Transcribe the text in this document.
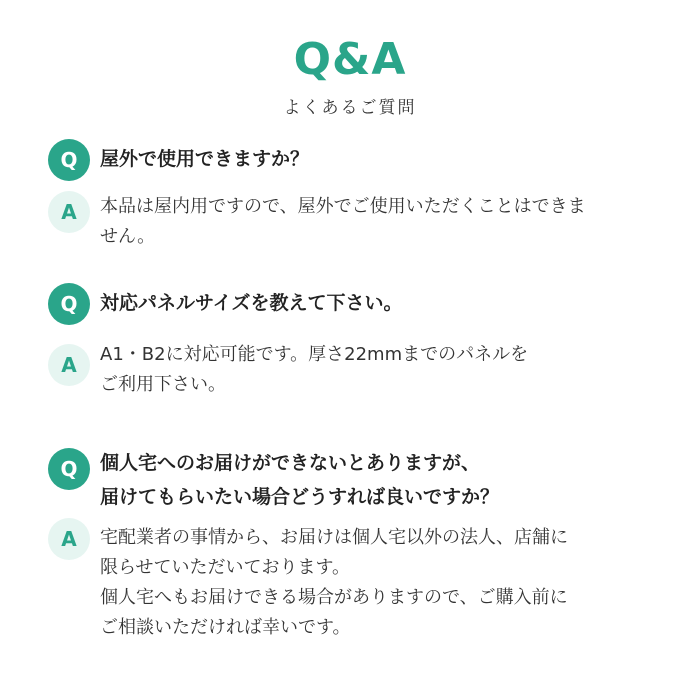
Q&A
よくあるご質問
Q	屋外で使用できますか？
A	本品は屋内用ですので、屋外でご使用いただくことはできま
せん。
Q	対応パネルサイズを教えて下さい。
A	A1・B2に対応可能です。厚さ22mmまでのパネルを
ご利用下さい。
Q	個人宅へのお届けができないとありますが、
届けてもらいたい場合どうすれば良いですか？
A	宅配業者の事情から、お届けは個人宅以外の法人、店舗に
限らせていただいております。
個人宅へもお届けできる場合がありますので、ご購入前に
ご相談いただければ幸いです。
